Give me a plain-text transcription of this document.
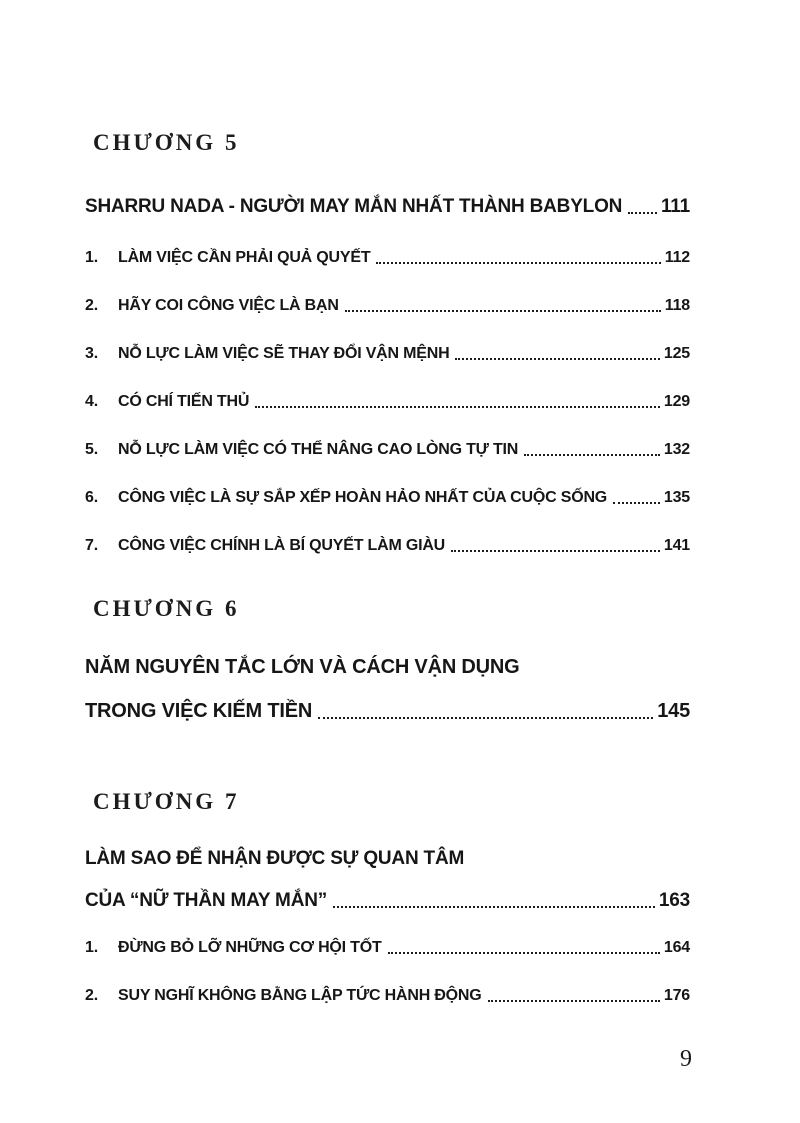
CHƯƠNG 5
SHARRU NADA - NGƯỜI MAY MẮN NHẤT THÀNH BABYLON 111
1.	LÀM VIỆC CẦN PHẢI QUẢ QUYẾT	112
2.	HÃY COI CÔNG VIỆC LÀ BẠN	118
3.	NỖ LỰC LÀM VIỆC SẼ THAY ĐỔI VẬN MỆNH	125
4.	CÓ CHÍ TIẾN THỦ	129
5.	NỖ LỰC LÀM VIỆC CÓ THỂ NÂNG CAO LÒNG TỰ TIN	132
6.	CÔNG VIỆC LÀ SỰ SẮP XẾP HOÀN HẢO NHẤT CỦA CUỘC SỐNG	135
7.	CÔNG VIỆC CHÍNH LÀ BÍ QUYẾT LÀM GIÀU	141
CHƯƠNG 6
NĂM NGUYÊN TẮC LỚN VÀ CÁCH VẬN DỤNG
TRONG VIỆC KIẾM TIỀN	145
CHƯƠNG 7
LÀM SAO ĐỂ NHẬN ĐƯỢC SỰ QUAN TÂM
CỦA “NỮ THẦN MAY MẮN”	163
1.	ĐỪNG BỎ LỠ NHỮNG CƠ HỘI TỐT	164
2.	SUY NGHĨ KHÔNG BẰNG LẬP TỨC HÀNH ĐỘNG	176
9
